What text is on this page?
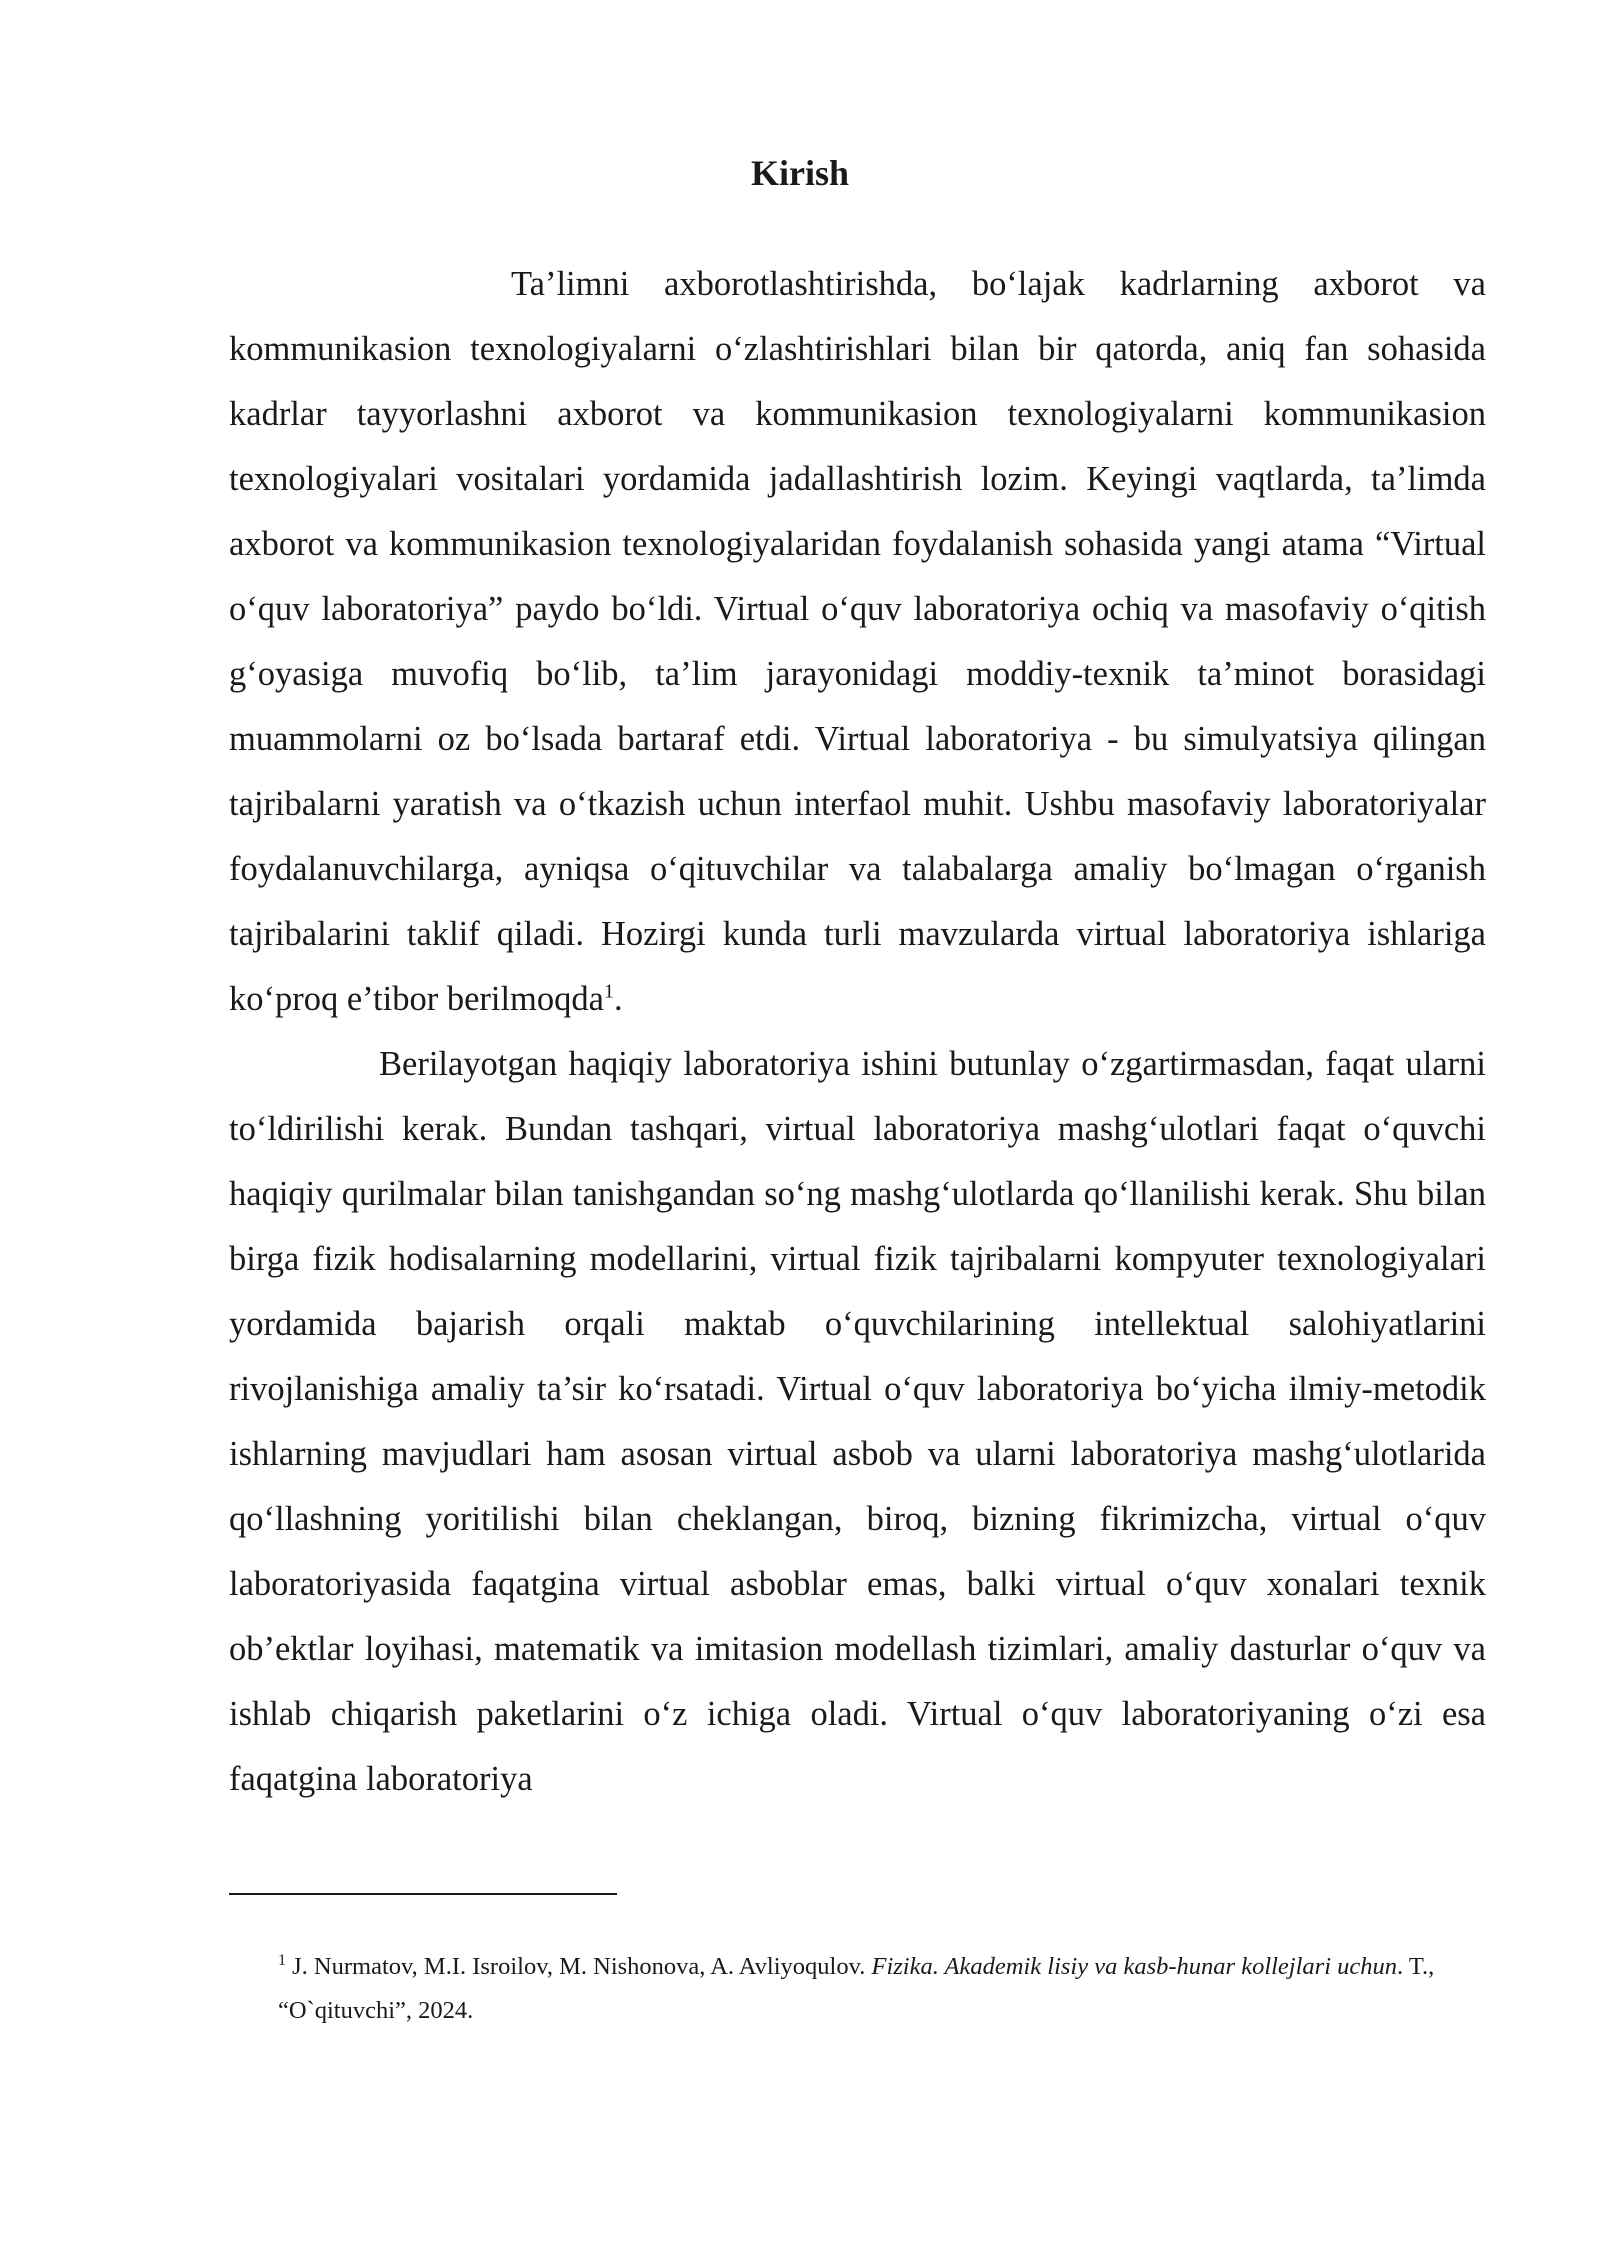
Kirish

Ta’limni axborotlashtirishda, bo‘lajak kadrlarning axborot va kommunikasion texnologiyalarni o‘zlashtirishlari bilan bir qatorda, aniq fan sohasida kadrlar tayyorlashni axborot va kommunikasion texnologiyalarni kommunikasion texnologiyalari vositalari yordamida jadallashtirish lozim. Keyingi vaqtlarda, ta’limda axborot va kommunikasion texnologiyalaridan foydalanish sohasida yangi atama “Virtual o‘quv laboratoriya” paydo bo‘ldi. Virtual o‘quv laboratoriya ochiq va masofaviy o‘qitish g‘oyasiga muvofiq bo‘lib, ta’lim jarayonidagi moddiy-texnik ta’minot borasidagi muammolarni oz bo‘lsada bartaraf etdi. Virtual laboratoriya - bu simulyatsiya qilingan tajribalarni yaratish va o‘tkazish uchun interfaol muhit. Ushbu masofaviy laboratoriyalar foydalanuvchilarga, ayniqsa o‘qituvchilar va talabalarga amaliy bo‘lmagan o‘rganish tajribalarini taklif qiladi. Hozirgi kunda turli mavzularda virtual laboratoriya ishlariga ko‘proq e’tibor berilmoqda$^1$.

Berilayotgan haqiqiy laboratoriya ishini butunlay o‘zgartirmasdan, faqat ularni to‘ldirilishi kerak. Bundan tashqari, virtual laboratoriya mashg‘ulotlari faqat o‘quvchi haqiqiy qurilmalar bilan tanishgandan so‘ng mashg‘ulotlarda qo‘llanilishi kerak. Shu bilan birga fizik hodisalarning modellarini, virtual fizik tajribalarni kompyuter texnologiyalari yordamida bajarish orqali maktab o‘quvchilarining intellektual salohiyatlarini rivojlanishiga amaliy ta’sir ko‘rsatadi. Virtual o‘quv laboratoriya bo‘yicha ilmiy-metodik ishlarning mavjudlari ham asosan virtual asbob va ularni laboratoriya mashg‘ulotlarida qo‘llashning yoritilishi bilan cheklangan, biroq, bizning fikrimizcha, virtual o‘quv laboratoriyasida faqatgina virtual asboblar emas, balki virtual o‘quv xonalari texnik ob’ektlar loyihasi, matematik va imitasion modellash tizimlari, amaliy dasturlar o‘quv va ishlab chiqarish paketlarini o‘z ichiga oladi. Virtual o‘quv laboratoriyaning o‘zi esa faqatgina laboratoriya

$^1$ J. Nurmatov, M.I. Isroilov, M. Nishonova, A. Avliyoqulov. Fizika. Akademik lisiy va kasb-hunar kollejlari uchun. T., “O`qituvchi”, 2024.
